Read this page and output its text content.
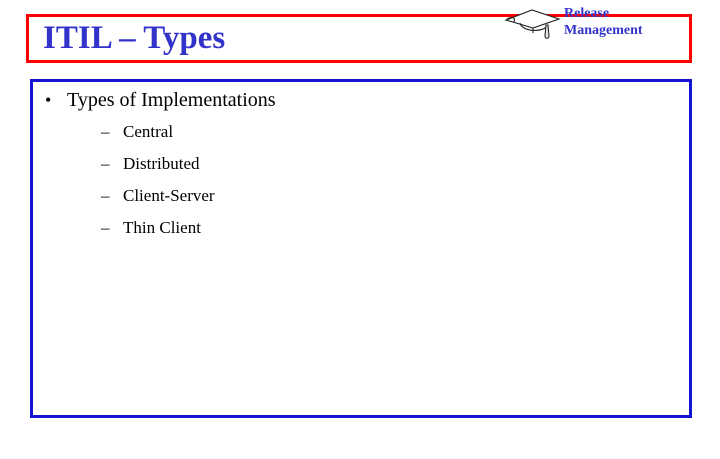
ITIL – Types
Release
Management
• Types of Implementations
– Central
– Distributed
– Client-Server
– Thin Client
